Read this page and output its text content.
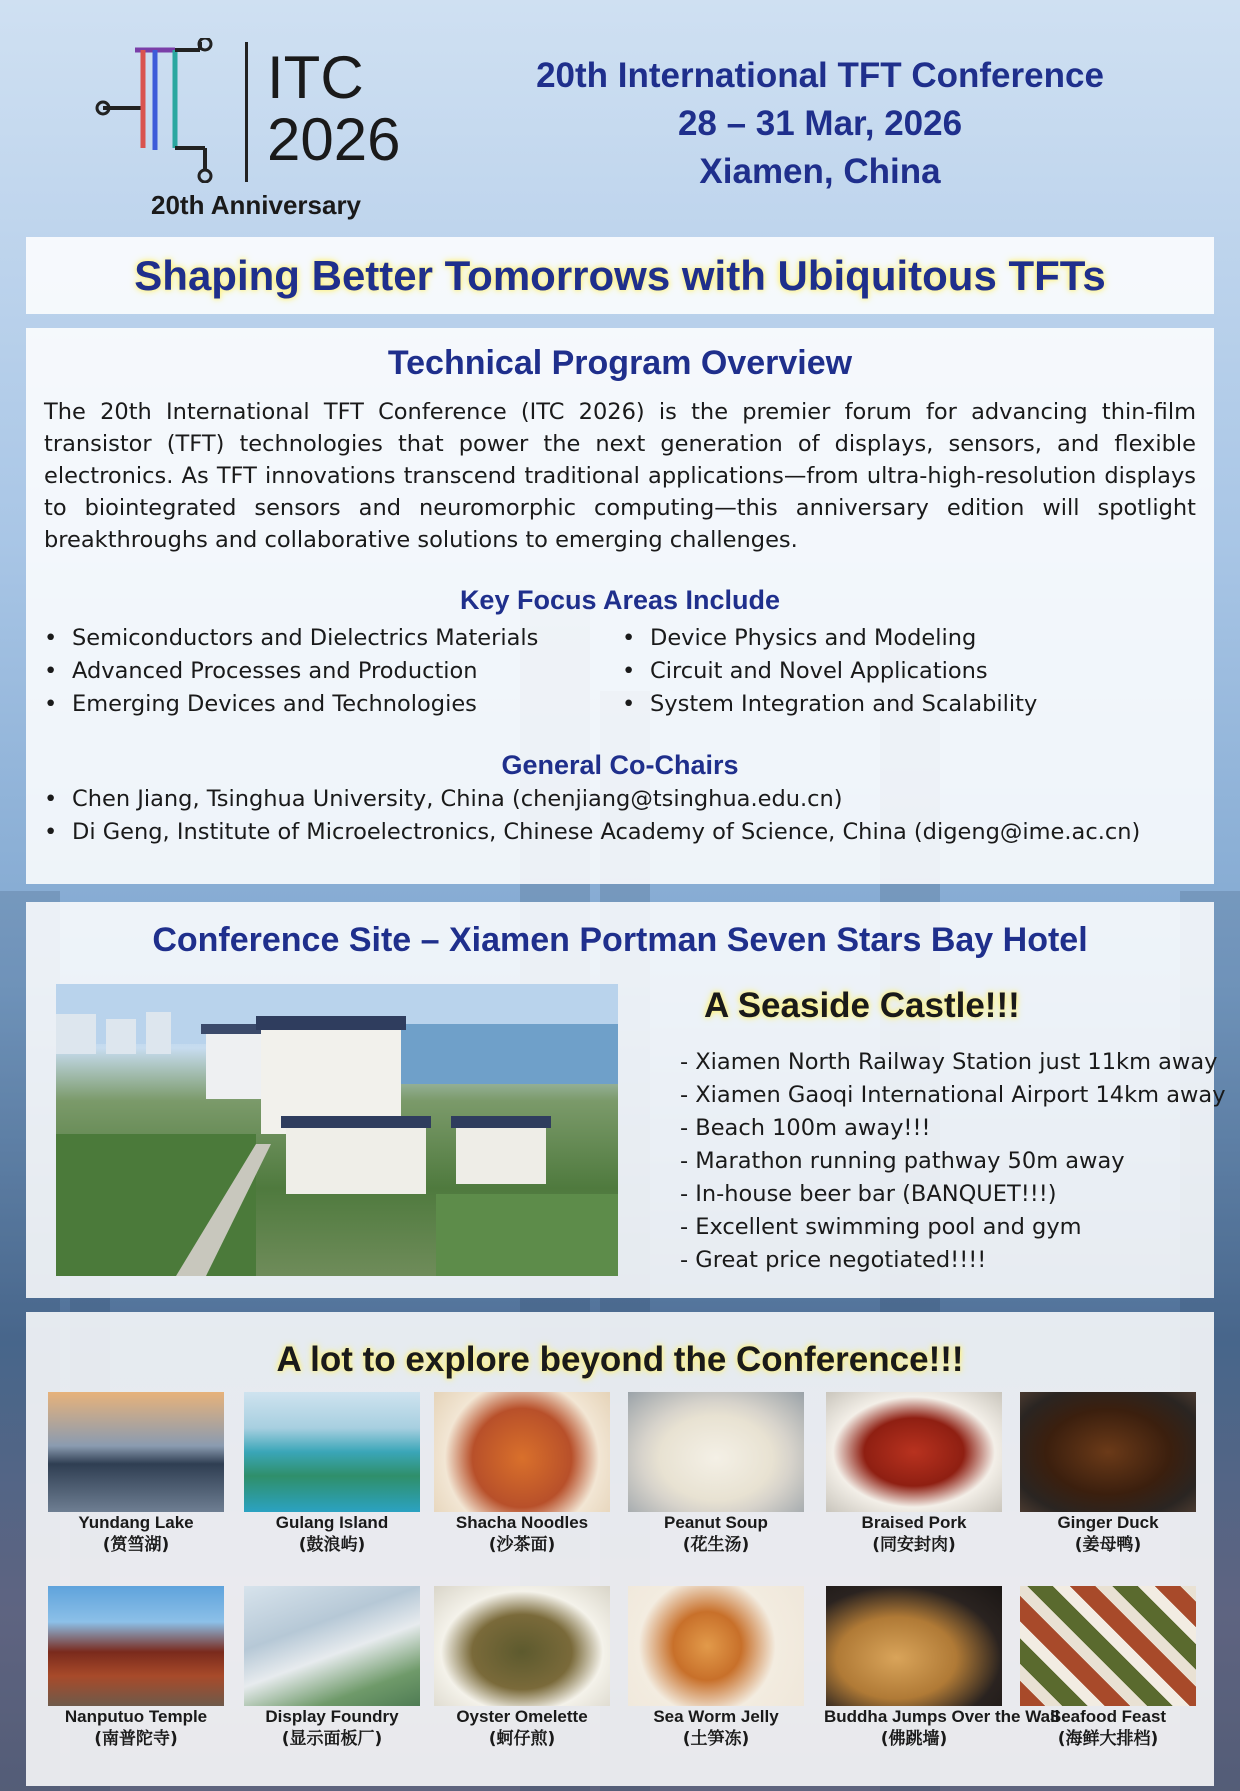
ITC
2026
20th Anniversary
20th International TFT Conference
28 – 31 Mar, 2026
Xiamen, China
Shaping Better Tomorrows with Ubiquitous TFTs
Technical Program Overview

The 20th International TFT Conference (ITC 2026) is the premier forum for advancing thin-film transistor (TFT) technologies that power the next generation of displays, sensors, and flexible electronics. As TFT innovations transcend traditional applications—from ultra-high-resolution displays to biointegrated sensors and neuromorphic computing—this anniversary edition will spotlight breakthroughs and collaborative solutions to emerging challenges.

Key Focus Areas Include
• Semiconductors and Dielectrics Materials
• Advanced Processes and Production
• Emerging Devices and Technologies
• Device Physics and Modeling
• Circuit and Novel Applications
• System Integration and Scalability
General Co-Chairs
• Chen Jiang, Tsinghua University, China (chenjiang@tsinghua.edu.cn)
• Di Geng, Institute of Microelectronics, Chinese Academy of Science, China (digeng@ime.ac.cn)
Conference Site – Xiamen Portman Seven Stars Bay Hotel
A Seaside Castle!!!
- Xiamen North Railway Station just 11km away
- Xiamen Gaoqi International Airport 14km away
- Beach 100m away!!!
- Marathon running pathway 50m away
- In-house beer bar (BANQUET!!!)
- Excellent swimming pool and gym
- Great price negotiated!!!!
A lot to explore beyond the Conference!!!
Yundang Lake
(筼筜湖)
Gulang Island
(鼓浪屿)
Shacha Noodles
(沙茶面)
Peanut Soup
(花生汤)
Braised Pork
(同安封肉)
Ginger Duck
(姜母鸭)
Nanputuo Temple
(南普陀寺)
Display Foundry
(显示面板厂)
Oyster Omelette
(蚵仔煎)
Sea Worm Jelly
(土笋冻)
Buddha Jumps Over the Wall
(佛跳墙)
Seafood Feast
(海鲜大排档)
